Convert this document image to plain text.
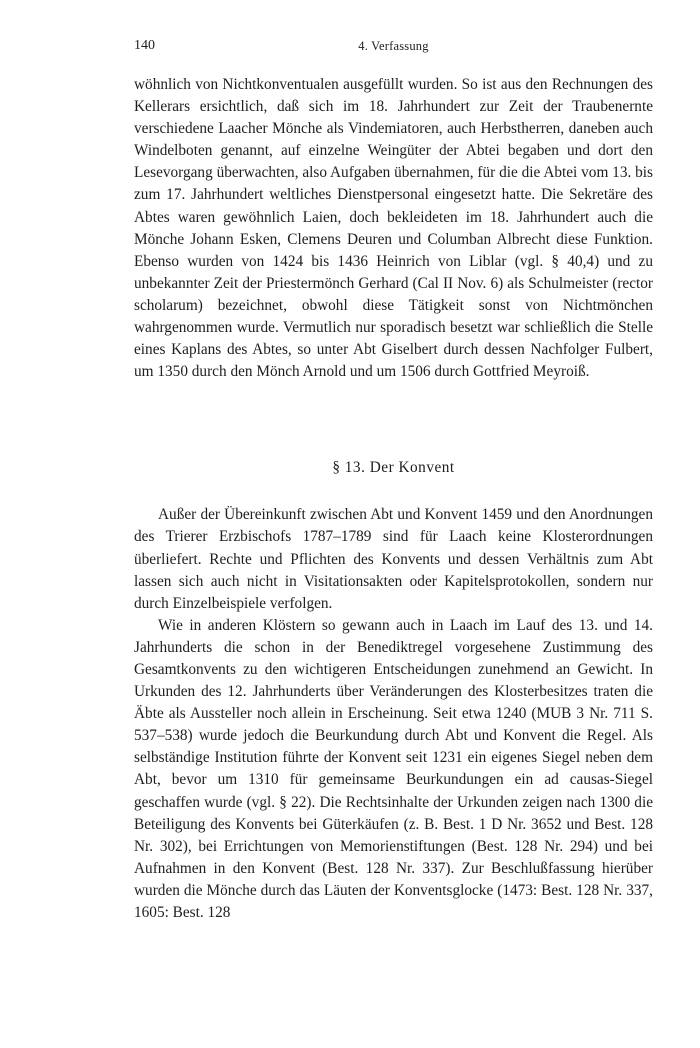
140	4. Verfassung

wöhnlich von Nichtkonventualen ausgefüllt wurden. So ist aus den Rechnungen des Kellerars ersichtlich, daß sich im 18. Jahrhundert zur Zeit der Traubenernte verschiedene Laacher Mönche als Vindemiatoren, auch Herbstherren, daneben auch Windelboten genannt, auf einzelne Weingüter der Abtei begaben und dort den Lesevorgang überwachten, also Aufgaben übernahmen, für die die Abtei vom 13. bis zum 17. Jahrhundert weltliches Dienstpersonal eingesetzt hatte. Die Sekretäre des Abtes waren gewöhnlich Laien, doch bekleideten im 18. Jahrhundert auch die Mönche Johann Esken, Clemens Deuren und Columban Albrecht diese Funktion. Ebenso wurden von 1424 bis 1436 Heinrich von Liblar (vgl. § 40,4) und zu unbekannter Zeit der Priestermönch Gerhard (Cal II Nov. 6) als Schulmeister (rector scholarum) bezeichnet, obwohl diese Tätigkeit sonst von Nichtmönchen wahrgenommen wurde. Vermutlich nur sporadisch besetzt war schließlich die Stelle eines Kaplans des Abtes, so unter Abt Giselbert durch dessen Nachfolger Fulbert, um 1350 durch den Mönch Arnold und um 1506 durch Gottfried Meyroiß.

§ 13. Der Konvent

Außer der Übereinkunft zwischen Abt und Konvent 1459 und den Anordnungen des Trierer Erzbischofs 1787–1789 sind für Laach keine Klosterordnungen überliefert. Rechte und Pflichten des Konvents und dessen Verhältnis zum Abt lassen sich auch nicht in Visitationsakten oder Kapitelsprotokollen, sondern nur durch Einzelbeispiele verfolgen.

Wie in anderen Klöstern so gewann auch in Laach im Lauf des 13. und 14. Jahrhunderts die schon in der Benediktregel vorgesehene Zustimmung des Gesamtkonvents zu den wichtigeren Entscheidungen zunehmend an Gewicht. In Urkunden des 12. Jahrhunderts über Veränderungen des Klosterbesitzes traten die Äbte als Aussteller noch allein in Erscheinung. Seit etwa 1240 (MUB 3 Nr. 711 S. 537–538) wurde jedoch die Beurkundung durch Abt und Konvent die Regel. Als selbständige Institution führte der Konvent seit 1231 ein eigenes Siegel neben dem Abt, bevor um 1310 für gemeinsame Beurkundungen ein ad causas-Siegel geschaffen wurde (vgl. § 22). Die Rechtsinhalte der Urkunden zeigen nach 1300 die Beteiligung des Konvents bei Güterkäufen (z. B. Best. 1 D Nr. 3652 und Best. 128 Nr. 302), bei Errichtungen von Memorienstiftungen (Best. 128 Nr. 294) und bei Aufnahmen in den Konvent (Best. 128 Nr. 337). Zur Beschlußfassung hierüber wurden die Mönche durch das Läuten der Konventsglocke (1473: Best. 128 Nr. 337, 1605: Best. 128
